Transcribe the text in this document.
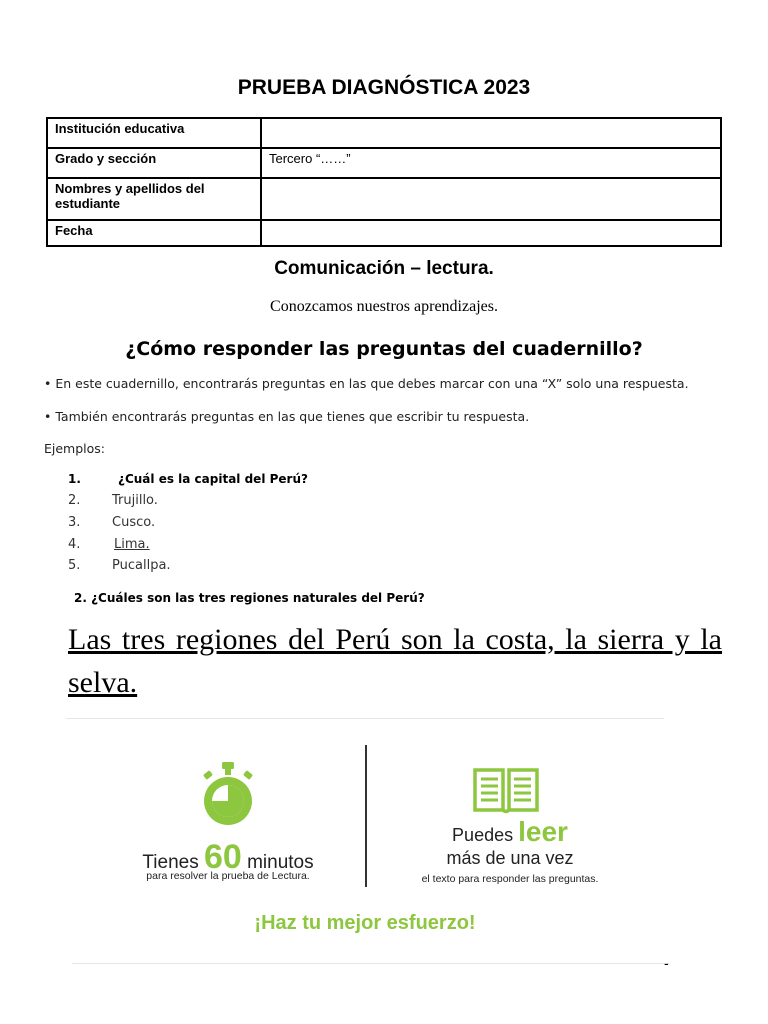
PRUEBA DIAGNÓSTICA 2023
Institución educativa	
Grado y sección	Tercero “……”
Nombres y apellidos del estudiante	
Fecha	
Comunicación – lectura.
Conozcamos nuestros aprendizajes.
¿Cómo responder las preguntas del cuadernillo?
• En este cuadernillo, encontrarás preguntas en las que debes marcar con una “X” solo una respuesta.
• También encontrarás preguntas en las que tienes que escribir tu respuesta.
Ejemplos:
1.	¿Cuál es la capital del Perú?
2. Trujillo.
3. Cusco.
4.	Lima.
5. Pucallpa.
2. ¿Cuáles son las tres regiones naturales del Perú?
Las tres regiones del Perú son la costa, la sierra y la selva.
Tienes 60 minutos
para resolver la prueba de Lectura.
Puedes leer
más de una vez
el texto para responder las preguntas.
¡Haz tu mejor esfuerzo!
-
